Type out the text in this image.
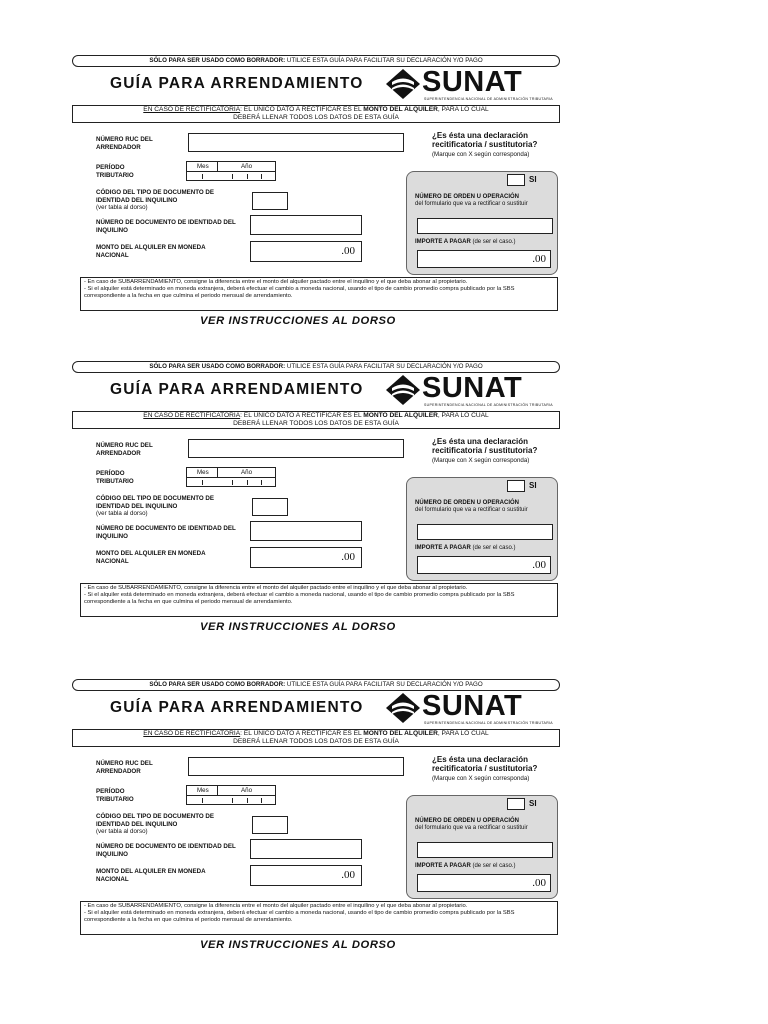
SÓLO PARA SER USADO COMO BORRADOR: UTILICE ESTA GUÍA PARA FACILITAR SU DECLARACIÓN Y/O PAGO
GUÍA PARA ARRENDAMIENTO SUNAT
SUPERINTENDENCIA NACIONAL DE ADMINISTRACIÓN TRIBUTARIA
EN CASO DE RECTIFICATORIA: EL ÚNICO DATO A RECTIFICAR ES EL MONTO DEL ALQUILER, PARA LO CUAL
DEBERÁ LLENAR TODOS LOS DATOS DE ESTA GUÍA
NÚMERO RUC DEL ARRENDADOR
PERÍODO TRIBUTARIO
Mes	Año
CÓDIGO DEL TIPO DE DOCUMENTO DE IDENTIDAD DEL INQUILINO
(ver tabla al dorso)
NÚMERO DE DOCUMENTO DE IDENTIDAD DEL INQUILINO
MONTO DEL ALQUILER EN MONEDA NACIONAL	.00
¿Es ésta una declaración recitificatoria / sustitutoria?
(Marque con X según corresponda)
SI
NÚMERO DE ORDEN U OPERACIÓN
del formulario que va a rectificar o sustituir
IMPORTE A PAGAR (de ser el caso.)
.00
- En caso de SUBARRENDAMIENTO, consigne la diferencia entre el monto del alquiler pactado entre el inquilino y el que deba abonar al propietario.
- Si el alquiler está determinado en moneda extranjera, deberá efectuar el cambio a moneda nacional, usando el tipo de cambio promedio compra publicado por la SBS correspondiente a la fecha en que culmina el periodo mensual de arrendamiento.
VER INSTRUCCIONES AL DORSO
SÓLO PARA SER USADO COMO BORRADOR: UTILICE ESTA GUÍA PARA FACILITAR SU DECLARACIÓN Y/O PAGO
GUÍA PARA ARRENDAMIENTO SUNAT
SUPERINTENDENCIA NACIONAL DE ADMINISTRACIÓN TRIBUTARIA
EN CASO DE RECTIFICATORIA: EL ÚNICO DATO A RECTIFICAR ES EL MONTO DEL ALQUILER, PARA LO CUAL
DEBERÁ LLENAR TODOS LOS DATOS DE ESTA GUÍA
NÚMERO RUC DEL ARRENDADOR
PERÍODO TRIBUTARIO
Mes	Año
CÓDIGO DEL TIPO DE DOCUMENTO DE IDENTIDAD DEL INQUILINO
(ver tabla al dorso)
NÚMERO DE DOCUMENTO DE IDENTIDAD DEL INQUILINO
MONTO DEL ALQUILER EN MONEDA NACIONAL	.00
¿Es ésta una declaración recitificatoria / sustitutoria?
(Marque con X según corresponda)
SI
NÚMERO DE ORDEN U OPERACIÓN
del formulario que va a rectificar o sustituir
IMPORTE A PAGAR (de ser el caso.)
.00
- En caso de SUBARRENDAMIENTO, consigne la diferencia entre el monto del alquiler pactado entre el inquilino y el que deba abonar al propietario.
- Si el alquiler está determinado en moneda extranjera, deberá efectuar el cambio a moneda nacional, usando el tipo de cambio promedio compra publicado por la SBS correspondiente a la fecha en que culmina el periodo mensual de arrendamiento.
VER INSTRUCCIONES AL DORSO
SÓLO PARA SER USADO COMO BORRADOR: UTILICE ESTA GUÍA PARA FACILITAR SU DECLARACIÓN Y/O PAGO
GUÍA PARA ARRENDAMIENTO SUNAT
SUPERINTENDENCIA NACIONAL DE ADMINISTRACIÓN TRIBUTARIA
EN CASO DE RECTIFICATORIA: EL ÚNICO DATO A RECTIFICAR ES EL MONTO DEL ALQUILER, PARA LO CUAL
DEBERÁ LLENAR TODOS LOS DATOS DE ESTA GUÍA
NÚMERO RUC DEL ARRENDADOR
PERÍODO TRIBUTARIO
Mes	Año
CÓDIGO DEL TIPO DE DOCUMENTO DE IDENTIDAD DEL INQUILINO
(ver tabla al dorso)
NÚMERO DE DOCUMENTO DE IDENTIDAD DEL INQUILINO
MONTO DEL ALQUILER EN MONEDA NACIONAL	.00
¿Es ésta una declaración recitificatoria / sustitutoria?
(Marque con X según corresponda)
SI
NÚMERO DE ORDEN U OPERACIÓN
del formulario que va a rectificar o sustituir
IMPORTE A PAGAR (de ser el caso.)
.00
- En caso de SUBARRENDAMIENTO, consigne la diferencia entre el monto del alquiler pactado entre el inquilino y el que deba abonar al propietario.
- Si el alquiler está determinado en moneda extranjera, deberá efectuar el cambio a moneda nacional, usando el tipo de cambio promedio compra publicado por la SBS correspondiente a la fecha en que culmina el periodo mensual de arrendamiento.
VER INSTRUCCIONES AL DORSO
